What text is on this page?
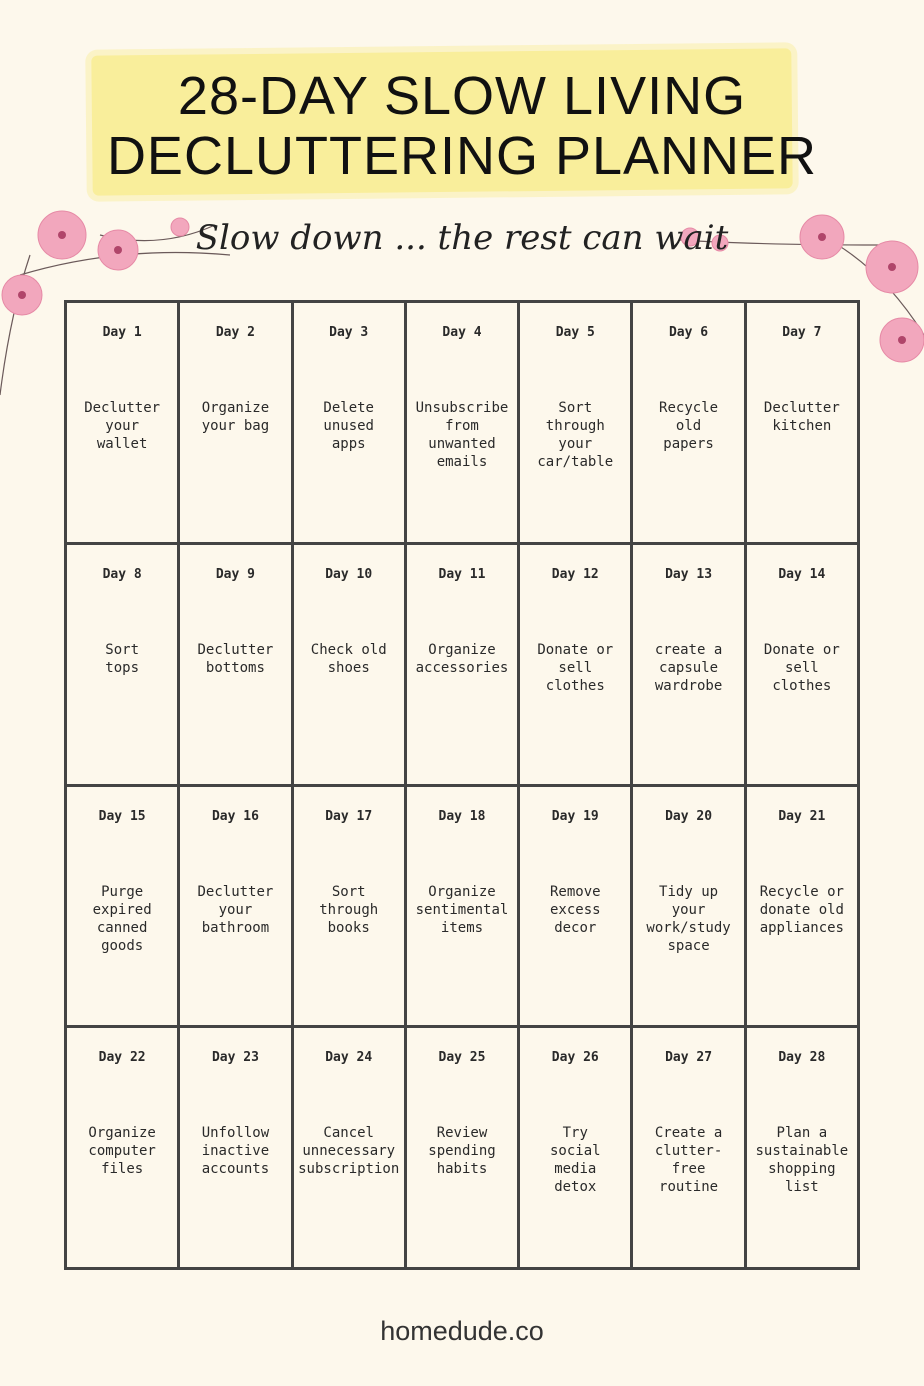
28-DAY SLOW LIVING
DECLUTTERING PLANNER
Slow down ... the rest can wait
Day 1
Declutter
your
wallet
Day 2
Organize
your bag
Day 3
Delete
unused
apps
Day 4
Unsubscribe
from
unwanted
emails
Day 5
Sort
through
your
car/table
Day 6
Recycle
old
papers
Day 7
Declutter
kitchen
Day 8
Sort
tops
Day 9
Declutter
bottoms
Day 10
Check old
shoes
Day 11
Organize
accessories
Day 12
Donate or
sell
clothes
Day 13
create a
capsule
wardrobe
Day 14
Donate or
sell
clothes
Day 15
Purge
expired
canned
goods
Day 16
Declutter
your
bathroom
Day 17
Sort
through
books
Day 18
Organize
sentimental
items
Day 19
Remove
excess
decor
Day 20
Tidy up
your
work/study
space
Day 21
Recycle or
donate old
appliances
Day 22
Organize
computer
files
Day 23
Unfollow
inactive
accounts
Day 24
Cancel
unnecessary
subscription
Day 25
Review
spending
habits
Day 26
Try
social
media
detox
Day 27
Create a
clutter-
free
routine
Day 28
Plan a
sustainable
shopping
list
homedude.co
